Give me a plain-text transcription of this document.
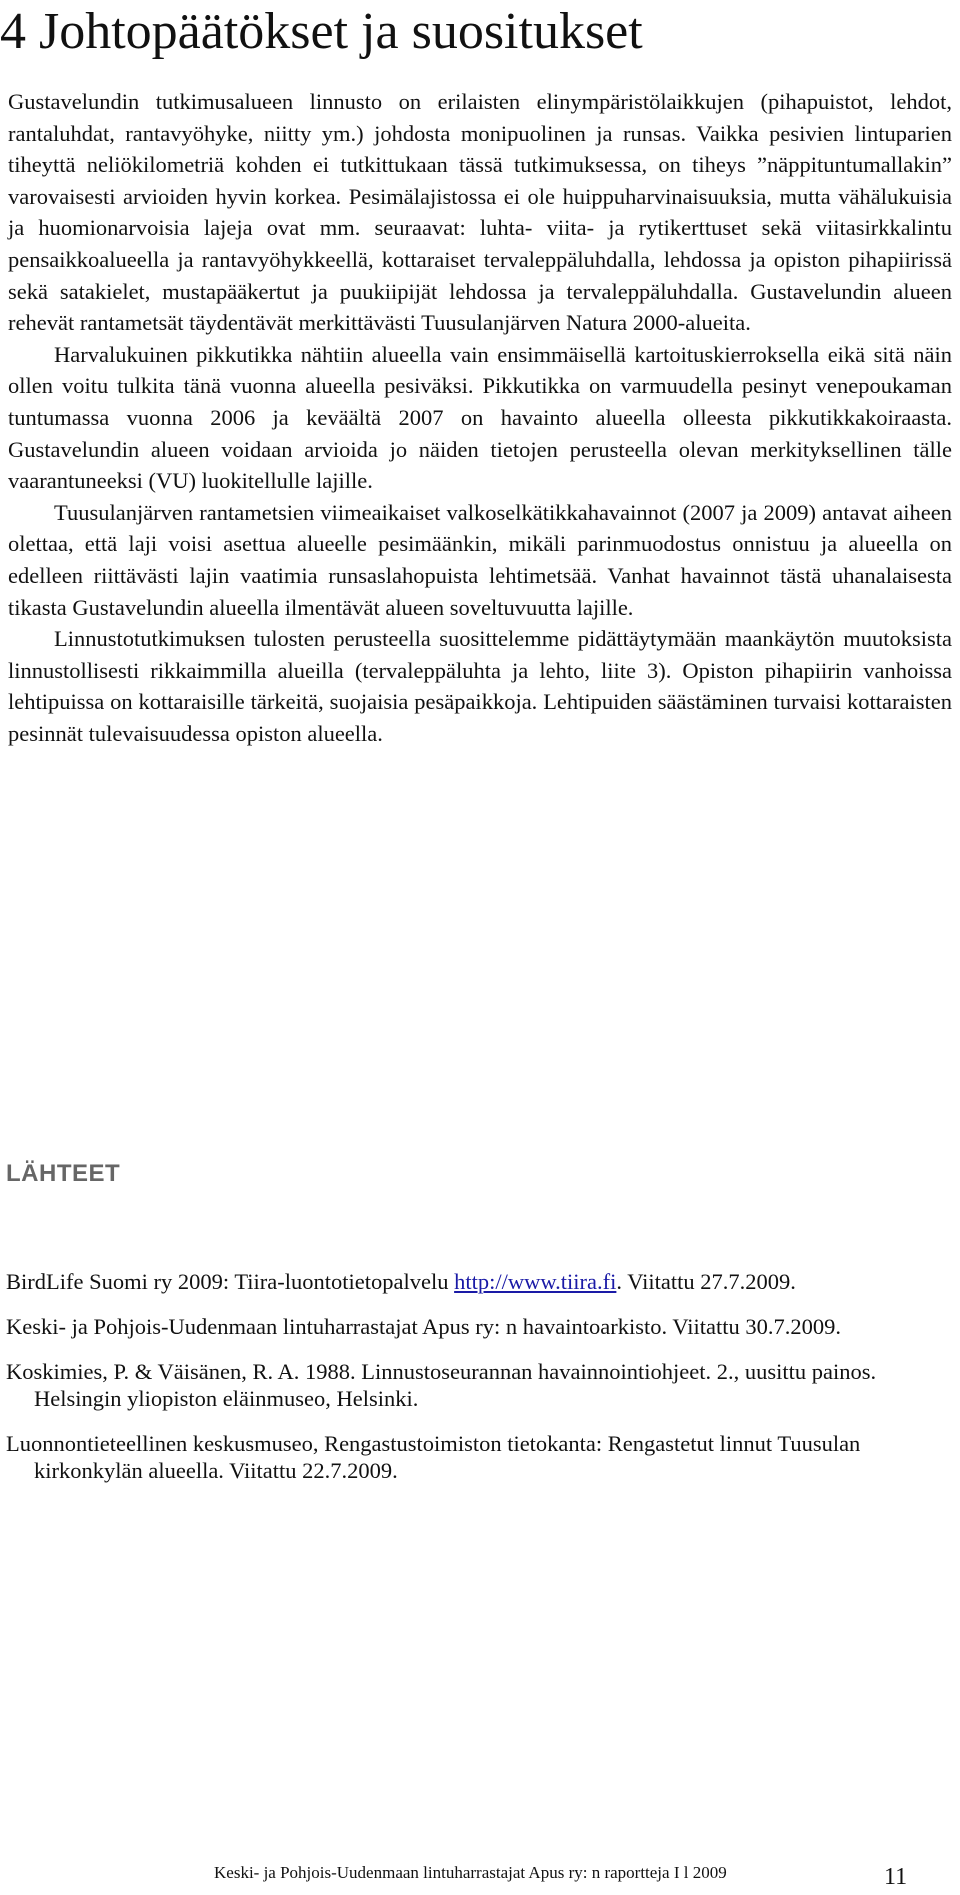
4 Johtopäätökset ja suositukset

Gustavelundin tutkimusalueen linnusto on erilaisten elinympäristölaikkujen (pihapuistot, lehdot, rantaluhdat, rantavyöhyke, niitty ym.) johdosta monipuolinen ja runsas. Vaikka pesivien lintuparien tiheyttä neliökilometriä kohden ei tutkittukaan tässä tutkimuksessa, on tiheys ”näppituntumallakin” varovaisesti arvioiden hyvin korkea. Pesimälajistossa ei ole huippuharvinaisuuksia, mutta vähälukuisia ja huomionarvoisia lajeja ovat mm. seuraavat: luhta- viita- ja rytikerttuset sekä viitasirkkalintu pensaikkoalueella ja rantavyöhykkeellä, kottaraiset tervaleppäluhdalla, lehdossa ja opiston pihapiirissä sekä satakielet, mustapääkertut ja puukiipijät lehdossa ja tervaleppäluhdalla. Gustavelundin alueen rehevät rantametsät täydentävät merkittävästi Tuusulanjärven Natura 2000-alueita.

Harvalukuinen pikkutikka nähtiin alueella vain ensimmäisellä kartoituskierroksella eikä sitä näin ollen voitu tulkita tänä vuonna alueella pesiväksi. Pikkutikka on varmuudella pesinyt venepoukaman tuntumassa vuonna 2006 ja keväältä 2007 on havainto alueella olleesta pikkutikkakoiraasta. Gustavelundin alueen voidaan arvioida jo näiden tietojen perusteella olevan merkityksellinen tälle vaarantuneeksi (VU) luokitellulle lajille.

Tuusulanjärven rantametsien viimeaikaiset valkoselkätikkahavainnot (2007 ja 2009) antavat aiheen olettaa, että laji voisi asettua alueelle pesimäänkin, mikäli parinmuodostus onnistuu ja alueella on edelleen riittävästi lajin vaatimia runsaslahopuista lehtimetsää. Vanhat havainnot tästä uhanalaisesta tikasta Gustavelundin alueella ilmentävät alueen soveltuvuutta lajille.

Linnustotutkimuksen tulosten perusteella suosittelemme pidättäytymään maankäytön muutoksista linnustollisesti rikkaimmilla alueilla (tervaleppäluhta ja lehto, liite 3). Opiston pihapiirin vanhoissa lehtipuissa on kottaraisille tärkeitä, suojaisia pesäpaikkoja. Lehtipuiden säästäminen turvaisi kottaraisten pesinnät tulevaisuudessa opiston alueella.

LÄHTEET

BirdLife Suomi ry 2009: Tiira-luontotietopalvelu http://www.tiira.fi. Viitattu 27.7.2009.

Keski- ja Pohjois-Uudenmaan lintuharrastajat Apus ry: n havaintoarkisto. Viitattu 30.7.2009.

Koskimies, P. & Väisänen, R. A. 1988. Linnustoseurannan havainnointiohjeet. 2., uusittu painos. Helsingin yliopiston eläinmuseo, Helsinki.

Luonnontieteellinen keskusmuseo, Rengastustoimiston tietokanta: Rengastetut linnut Tuusulan kirkonkylän alueella. Viitattu 22.7.2009.

Keski- ja Pohjois-Uudenmaan lintuharrastajat Apus ry: n raportteja I l 2009	11
